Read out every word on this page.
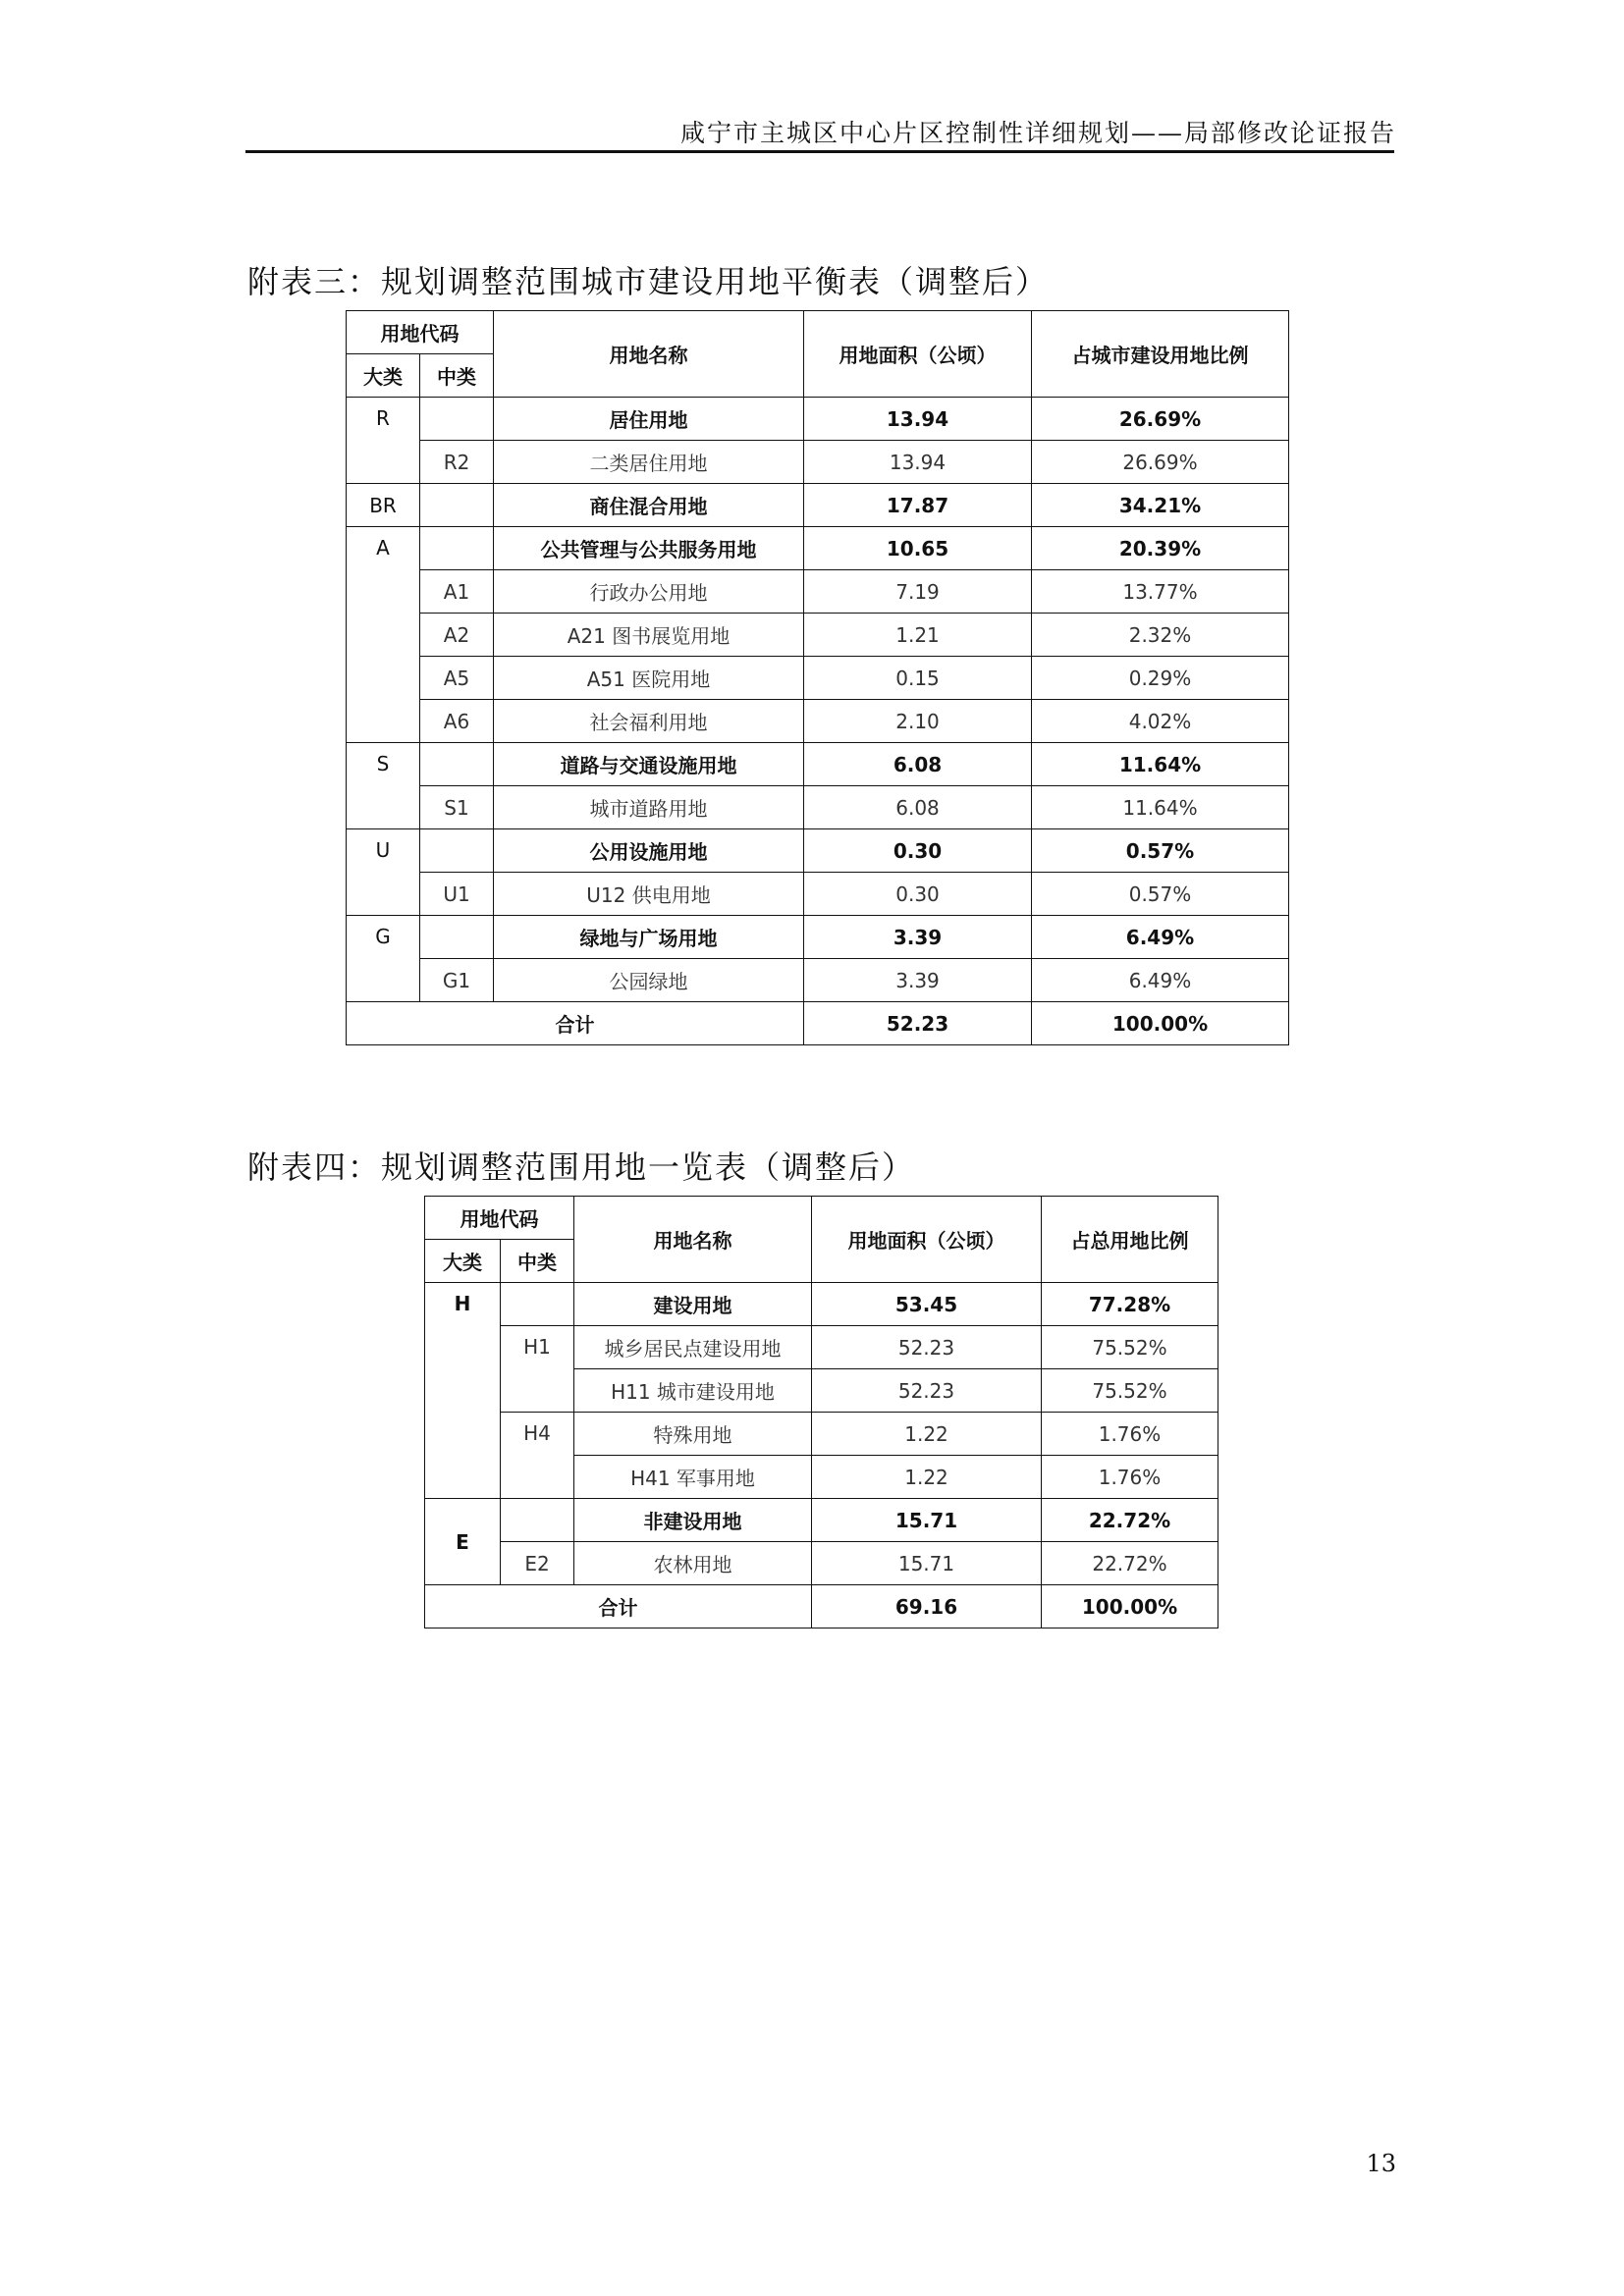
咸宁市主城区中心片区控制性详细规划——局部修改论证报告
附表三：规划调整范围城市建设用地平衡表（调整后）
用地代码		用地名称	用地面积（公顷）	占城市建设用地比例
大类	中类			
R		居住用地	13.94	26.69%
	R2	二类居住用地	13.94	26.69%
BR		商住混合用地	17.87	34.21%
A		公共管理与公共服务用地	10.65	20.39%
	A1	行政办公用地	7.19	13.77%
	A2	A21 图书展览用地	1.21	2.32%
	A5	A51 医院用地	0.15	0.29%
	A6	社会福利用地	2.10	4.02%
S		道路与交通设施用地	6.08	11.64%
	S1	城市道路用地	6.08	11.64%
U		公用设施用地	0.30	0.57%
	U1	U12 供电用地	0.30	0.57%
G		绿地与广场用地	3.39	6.49%
	G1	公园绿地	3.39	6.49%
合计			52.23	100.00%
附表四：规划调整范围用地一览表（调整后）
用地代码		用地名称	用地面积（公顷）	占总用地比例
大类	中类			
H		建设用地	53.45	77.28%
	H1	城乡居民点建设用地	52.23	75.52%
		H11 城市建设用地	52.23	75.52%
	H4	特殊用地	1.22	1.76%
		H41 军事用地	1.22	1.76%
E		非建设用地	15.71	22.72%
	E2	农林用地	15.71	22.72%
合计			69.16	100.00%
13
